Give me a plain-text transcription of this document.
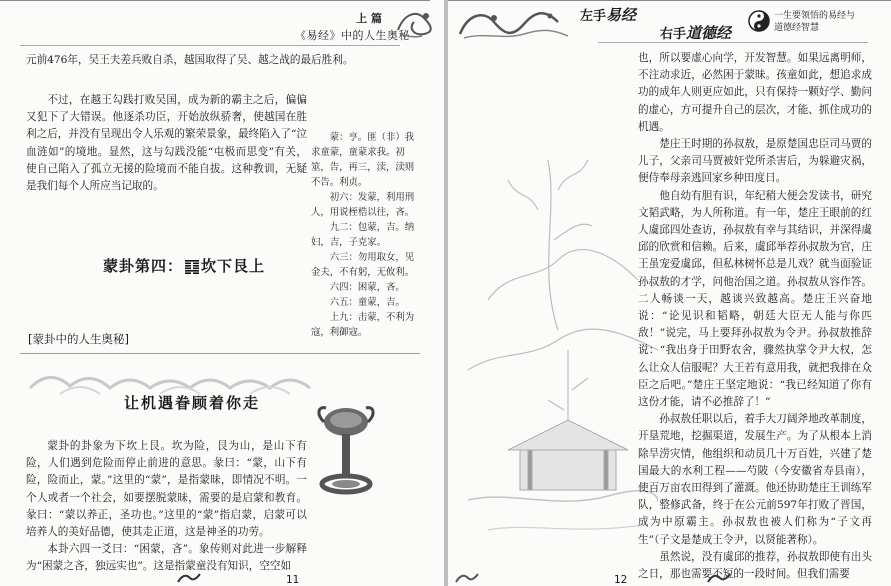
上 篇
《易经》中的人生奥秘

元前476年，吴王夫差兵败自杀，越国取得了吴、越之战的最后胜利。

不过，在越王勾践打败吴国，成为新的霸主之后，偏偏又犯下了大错误。他逐杀功臣，开始放纵骄奢，使越国在胜利之后，并没有呈现出令人乐观的繁荣景象，最终陷入了“泣血涟如”的境地。显然，这与勾践没能“屯极而思变”有关，使自己陷入了孤立无援的险境而不能自拔。这种教训，无疑是我们每个人所应当记取的。

蒙：亨。匪（非）我求童蒙，童蒙求我。初筮，告，再三，渎，渎则不告。利贞。

初六：发蒙，利用刑人，用说桎梏以往，吝。

九二：包蒙，吉。纳妇，吉，子克家。

六三：勿用取女，见金夫，不有躬，无攸利。

六四：困蒙，吝。

六五：童蒙，吉。

上九：击蒙，不利为寇，利御寇。

蒙卦第四： 坎下艮上
[蒙卦中的人生奥秘]
让机遇眷顾着你走

蒙卦的卦象为下坎上艮。坎为险，艮为山，是山下有险，人们遇到危险而停止前进的意思。彖曰：“蒙，山下有险，险而止，蒙。”这里的“蒙”，是指蒙昧，即情况不明。一个人或者一个社会，如要摆脱蒙昧，需要的是启蒙和教育。彖曰：“蒙以养正，圣功也。”这里的“蒙”指启蒙，启蒙可以培养人的美好品德，使其走正道，这是神圣的功劳。

本卦六四一爻曰：“困蒙，吝”。象传则对此进一步解释为“困蒙之吝，独远实也”。这是指蒙童没有知识，空空如

11
左手易经
右手道德经
一生要领悟的易经与
道德经智慧

也，所以要虚心向学，开发智慧。如果远离明师，不注动求近，必然困于蒙昧。孩童如此，想追求成功的成年人则更应如此，只有保持一颗好学、勤问的虚心，方可提升自己的层次，才能、抓住成功的机遇。

楚庄王时期的孙叔敖，是原楚国忠臣司马贾的儿子，父亲司马贾被奸党所杀害后，为躲避灾祸，便侍奉母亲逃回家乡种田度日。

他自幼有胆有识，年纪稍大便会发读书，研究文韬武略，为人所称道。有一年，楚庄王眼前的红人虞邱四处查访，孙叔敖有幸与其结识，并深得虞邱的欣赏和信赖。后来，虞邱举荐孙叔敖为官，庄王虽宠爱虞邱，但私林树怀总是儿戏？就当面验证孙叔敖的才学，问他治国之道。孙叔敖从容作答。二人畅谈一天，越谈兴致越高。楚庄王兴奋地说：“论见识和韬略，朝廷大臣无人能与你匹敌！”说完，马上要拜孙叔敖为令尹。孙叔敖推辞说：“我出身于田野农舍，骤然执掌令尹大权，怎么让众人信服呢？大王若有意用我，就把我排在众臣之后吧。”楚庄王坚定地说：“我已经知道了你有这份才能，请不必推辞了！”

孙叔敖任职以后，着手大刀阔斧地改革制度，开垦荒地，挖掘渠道，发展生产。为了从根本上消除旱涝灾情，他组织和动员几十万百姓，兴建了楚国最大的水利工程——芍陂（今安徽省寿县南），使百万亩农田得到了灌溉。他还协助楚庄王训练军队，整修武备，终于在公元前597年打败了晋国，成为中原霸主。孙叔敖也被人们称为“子文再生”（子文是楚成王令尹，以贤能著称）。

虽然说，没有虞邱的推荐，孙叔敖即使有出头之日，那也需要不短的一段时间。但我们需要

12
